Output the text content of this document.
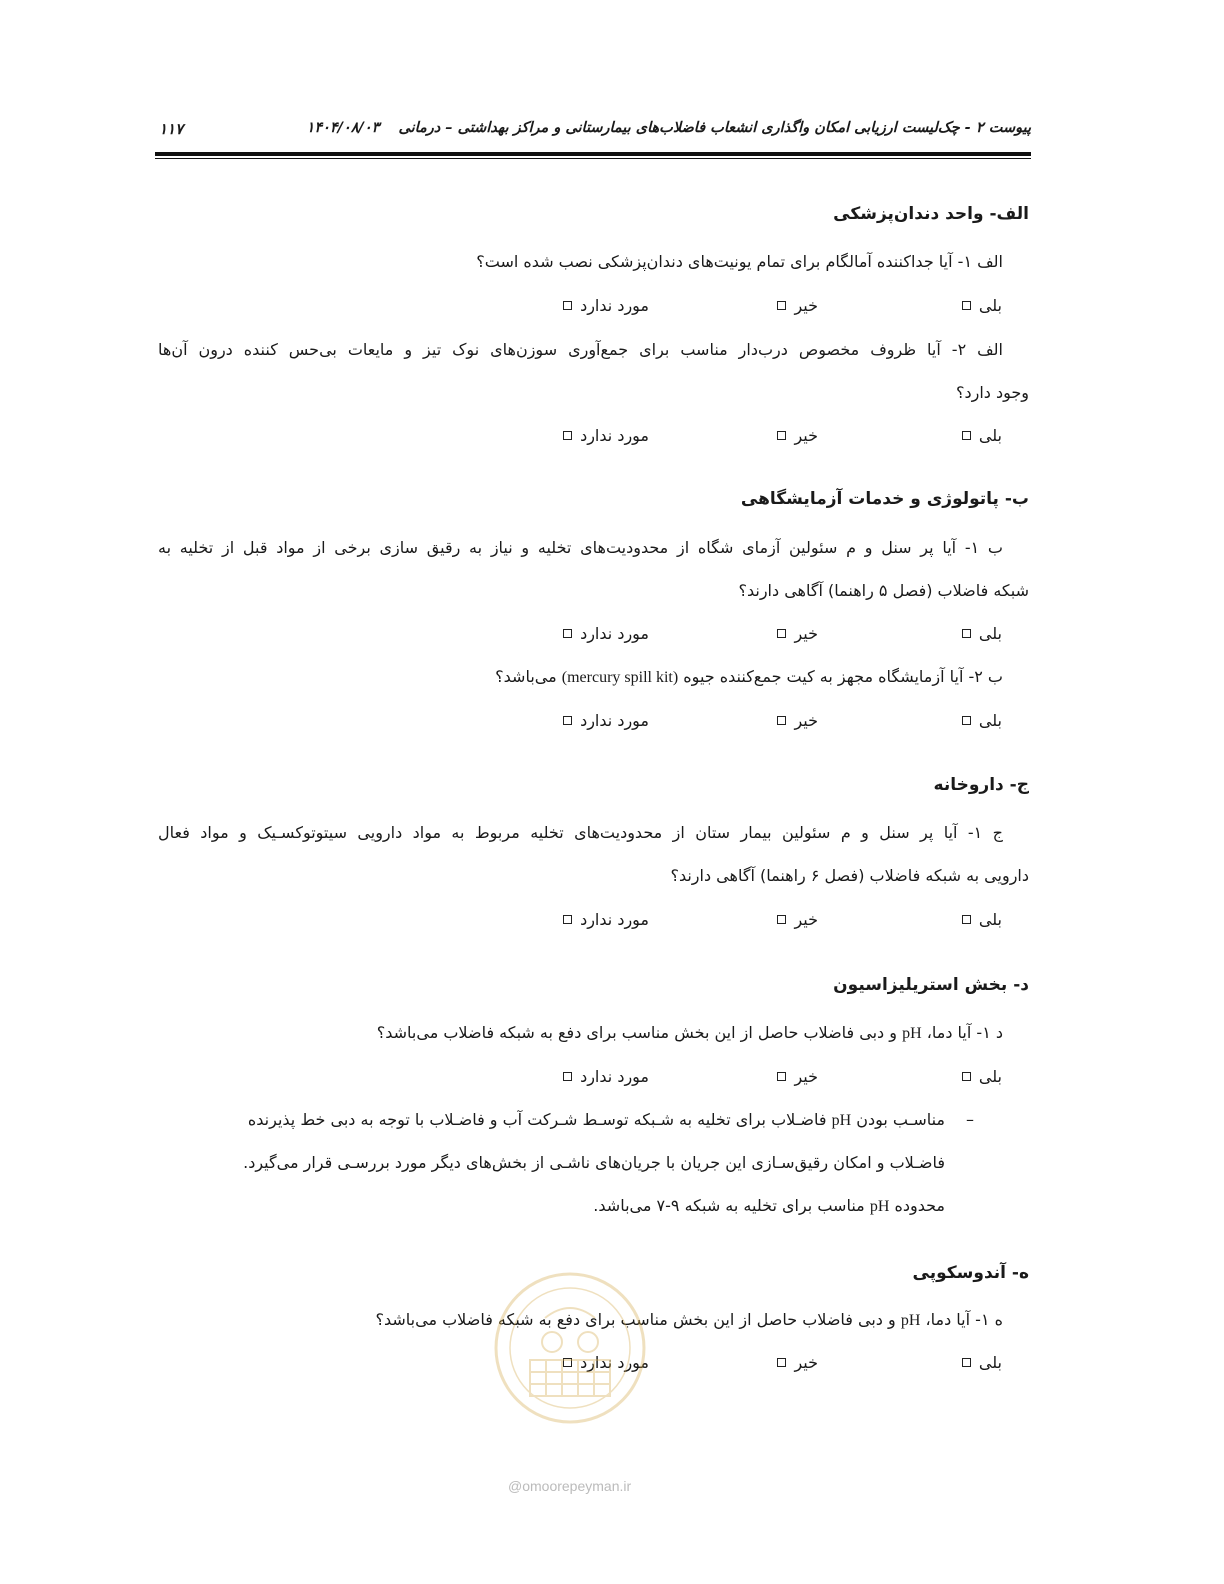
پیوست ۲ - چک‌لیست ارزیابی امکان واگذاری انشعاب فاضلاب‌های بیمارستانی و مراکز بهداشتی – درمانی ۱۴۰۴/۰۸/۰۳
۱۱۷
الف- واحد دندان‌پزشکی
الف ۱- آیا جداکننده آمالگام برای تمام یونیت‌های دندان‌پزشکی نصب شده است؟
بلی
خیر
مورد ندارد
الف ۲- آیا ظروف مخصوص درب‌دار مناسب برای جمع‌آوری سوزن‌های نوک تیز و مایعات بی‌حس کننده درون آن‌ها
وجود دارد؟
بلی
خیر
مورد ندارد
ب- پاتولوژی و خدمات آزمایشگاهی
ب ۱- آیا پر سنل و م سئولین آزمای شگاه از محدودیت‌های تخلیه و نیاز به رقیق سازی برخی از مواد قبل از تخلیه به
شبکه فاضلاب (فصل ۵ راهنما) آگاهی دارند؟
بلی
خیر
مورد ندارد
ب ۲- آیا آزمایشگاه مجهز به کیت جمع‌کننده جیوه (mercury spill kit) می‌باشد؟
بلی
خیر
مورد ندارد
ج- داروخانه
ج ۱- آیا پر سنل و م سئولین بیمار ستان از محدودیت‌های تخلیه مربوط به مواد دارویی سیتوتوکسـیک و مواد فعال
دارویی به شبکه فاضلاب (فصل ۶ راهنما) آگاهی دارند؟
بلی
خیر
مورد ندارد
د- بخش استریلیزاسیون
د ۱- آیا دما، pH و دبی فاضلاب حاصل از این بخش مناسب برای دفع به شبکه فاضلاب می‌باشد؟
بلی
خیر
مورد ندارد
–
مناسـب بودن pH فاضـلاب برای تخلیه به شـبکه توسـط شـرکت آب و فاضـلاب با توجه به دبی خط پذیرنده
فاضـلاب و امکان رقیق‌سـازی این جریان با جریان‌های ناشـی از بخش‌های دیگر مورد بررسـی قرار می‌گیرد.
محدوده pH مناسب برای تخلیه به شبکه ۹-۷ می‌باشد.
ه- آندوسکوپی
ه ۱- آیا دما، pH و دبی فاضلاب حاصل از این بخش مناسب برای دفع به شبکه فاضلاب می‌باشد؟
بلی
خیر
مورد ندارد
@omoorepeyman.ir
